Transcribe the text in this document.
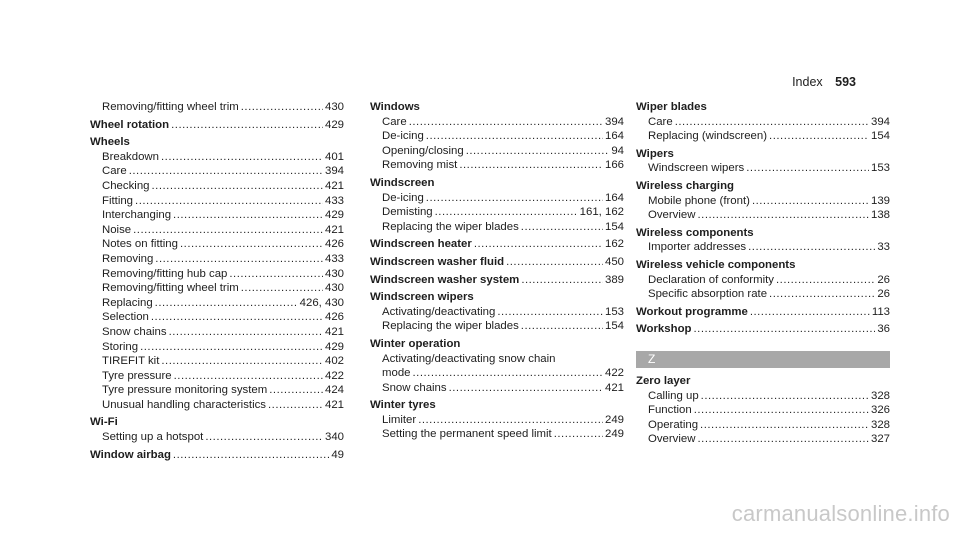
Index 593
Removing/fitting wheel trim .....	430
Wheel rotation .....	429
Wheels
Breakdown .....	401
Care .....	394
Checking .....	421
Fitting .....	433
Interchanging .....	429
Noise .....	421
Notes on fitting .....	426
Removing .....	433
Removing/fitting hub cap .....	430
Removing/fitting wheel trim .....	430
Replacing .....	426, 430
Selection .....	426
Snow chains .....	421
Storing .....	429
TIREFIT kit .....	402
Tyre pressure .....	422
Tyre pressure monitoring system .....	424
Unusual handling characteristics .....	421
Wi-Fi
Setting up a hotspot .....	340
Window airbag .....	49
Windows
Care .....	394
De-icing .....	164
Opening/closing .....	94
Removing mist .....	166
Windscreen
De-icing .....	164
Demisting .....	161, 162
Replacing the wiper blades .....	154
Windscreen heater .....	162
Windscreen washer fluid .....	450
Windscreen washer system .....	389
Windscreen wipers
Activating/deactivating .....	153
Replacing the wiper blades .....	154
Winter operation
Activating/deactivating snow chain
mode .....	422
Snow chains .....	421
Winter tyres
Limiter .....	249
Setting the permanent speed limit .....	249
Wiper blades
Care .....	394
Replacing (windscreen) .....	154
Wipers
Windscreen wipers .....	153
Wireless charging
Mobile phone (front) .....	139
Overview .....	138
Wireless components
Importer addresses .....	33
Wireless vehicle components
Declaration of conformity .....	26
Specific absorption rate .....	26
Workout programme .....	113
Workshop .....	36
Z
Zero layer
Calling up .....	328
Function .....	326
Operating .....	328
Overview .....	327
carmanualsonline.info
